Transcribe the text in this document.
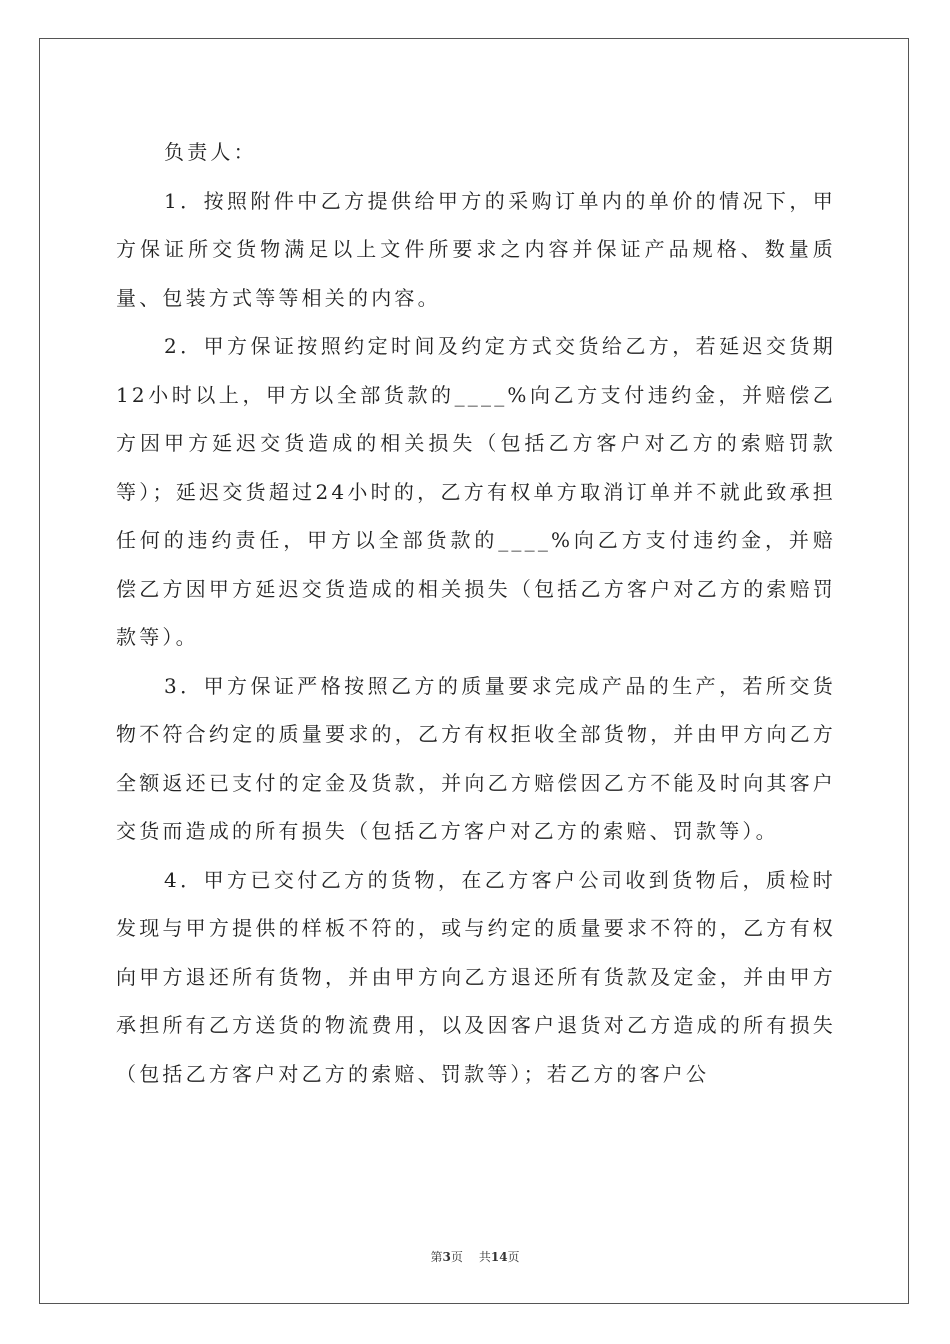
负责人：

1．按照附件中乙方提供给甲方的采购订单内的单价的情况下，甲方保证所交货物满足以上文件所要求之内容并保证产品规格、数量质量、包装方式等等相关的内容。

2．甲方保证按照约定时间及约定方式交货给乙方，若延迟交货期12小时以上，甲方以全部货款的____%向乙方支付违约金，并赔偿乙方因甲方延迟交货造成的相关损失（包括乙方客户对乙方的索赔罚款等）；延迟交货超过24小时的，乙方有权单方取消订单并不就此致承担任何的违约责任，甲方以全部货款的____%向乙方支付违约金，并赔偿乙方因甲方延迟交货造成的相关损失（包括乙方客户对乙方的索赔罚款等）。

3．甲方保证严格按照乙方的质量要求完成产品的生产，若所交货物不符合约定的质量要求的，乙方有权拒收全部货物，并由甲方向乙方全额返还已支付的定金及货款，并向乙方赔偿因乙方不能及时向其客户交货而造成的所有损失（包括乙方客户对乙方的索赔、罚款等）。

4．甲方已交付乙方的货物，在乙方客户公司收到货物后，质检时发现与甲方提供的样板不符的，或与约定的质量要求不符的，乙方有权向甲方退还所有货物，并由甲方向乙方退还所有货款及定金，并由甲方承担所有乙方送货的物流费用，以及因客户退货对乙方造成的所有损失（包括乙方客户对乙方的索赔、罚款等）；若乙方的客户公

第3页 共14页
